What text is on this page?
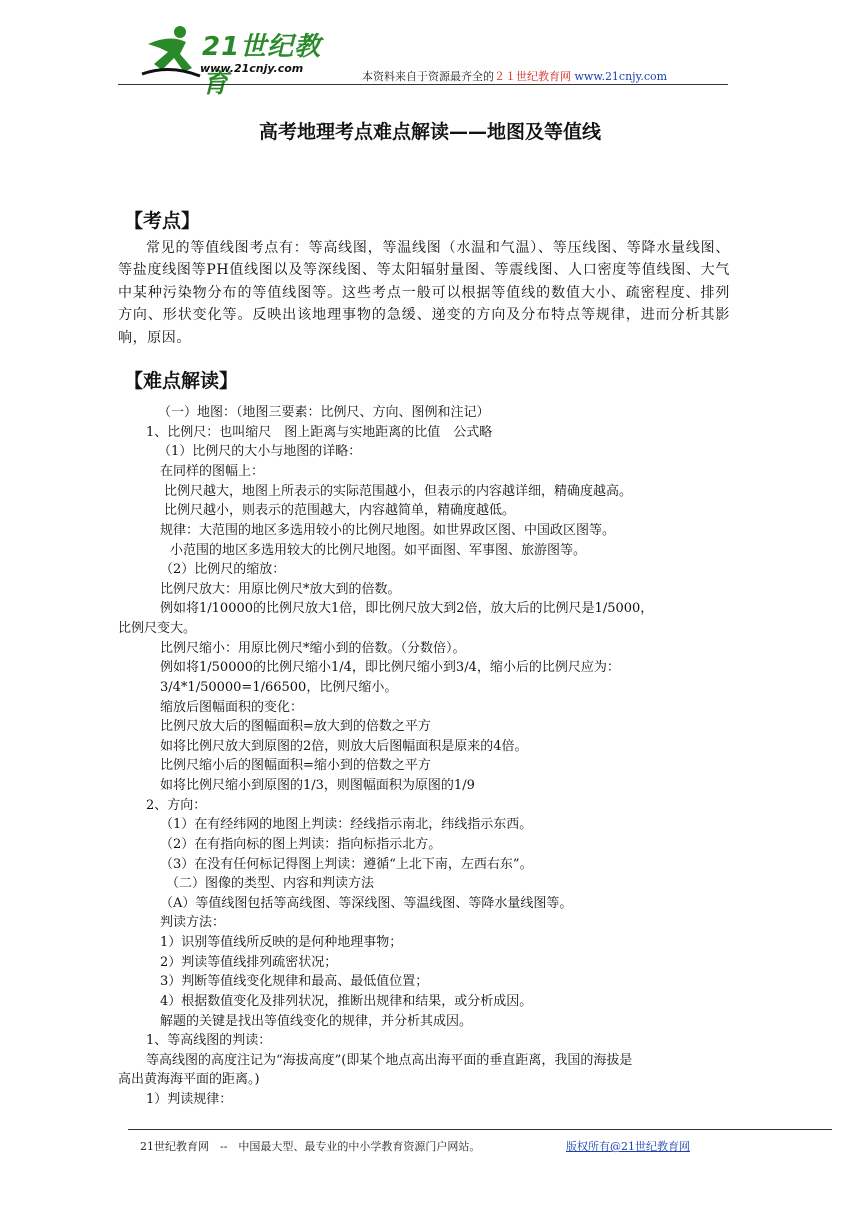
21世纪教育
www.21cnjy.com
本资料来自于资源最齐全的２１世纪教育网 www.21cnjy.com
高考地理考点难点解读——地图及等值线
【考点】
常见的等值线图考点有：等高线图，等温线图（水温和气温）、等压线图、等降水量线图、等盐度线图等PH值线图以及等深线图、等太阳辐射量图、等震线图、人口密度等值线图、大气中某种污染物分布的等值线图等。这些考点一般可以根据等值线的数值大小、疏密程度、排列方向、形状变化等。反映出该地理事物的急缓、递变的方向及分布特点等规律，进而分析其影响，原因。
【难点解读】
（一）地图：（地图三要素：比例尺、方向、图例和注记）
1、比例尺：也叫缩尺　图上距离与实地距离的比值　公式略
（1）比例尺的大小与地图的详略：
在同样的图幅上：
比例尺越大，地图上所表示的实际范围越小，但表示的内容越详细，精确度越高。
比例尺越小，则表示的范围越大，内容越简单，精确度越低。
规律：大范围的地区多选用较小的比例尺地图。如世界政区图、中国政区图等。
小范围的地区多选用较大的比例尺地图。如平面图、军事图、旅游图等。
（2）比例尺的缩放：
比例尺放大：用原比例尺*放大到的倍数。
例如将1/10000的比例尺放大1倍，即比例尺放大到2倍，放大后的比例尺是1/5000，
比例尺变大。
比例尺缩小：用原比例尺*缩小到的倍数。（分数倍）。
例如将1/50000的比例尺缩小1/4，即比例尺缩小到3/4，缩小后的比例尺应为：
3/4*1/50000=1/66500，比例尺缩小。
缩放后图幅面积的变化：
比例尺放大后的图幅面积=放大到的倍数之平方
如将比例尺放大到原图的2倍，则放大后图幅面积是原来的4倍。
比例尺缩小后的图幅面积=缩小到的倍数之平方
如将比例尺缩小到原图的1/3，则图幅面积为原图的1/9
2、方向：
（1）在有经纬网的地图上判读：经线指示南北，纬线指示东西。
（2）在有指向标的图上判读：指向标指示北方。
（3）在没有任何标记得图上判读：遵循“上北下南，左西右东”。
（二）图像的类型、内容和判读方法
（A）等值线图包括等高线图、等深线图、等温线图、等降水量线图等。
判读方法：
1）识别等值线所反映的是何种地理事物；
2）判读等值线排列疏密状况；
3）判断等值线变化规律和最高、最低值位置；
4）根据数值变化及排列状况，推断出规律和结果，或分析成因。
解题的关键是找出等值线变化的规律，并分析其成因。
1、等高线图的判读：
等高线图的高度注记为“海拔高度”(即某个地点高出海平面的垂直距离，我国的海拔是
高出黄海海平面的距离。)
1）判读规律：
21世纪教育网　--　中国最大型、最专业的中小学教育资源门户网站。	版权所有@21世纪教育网
